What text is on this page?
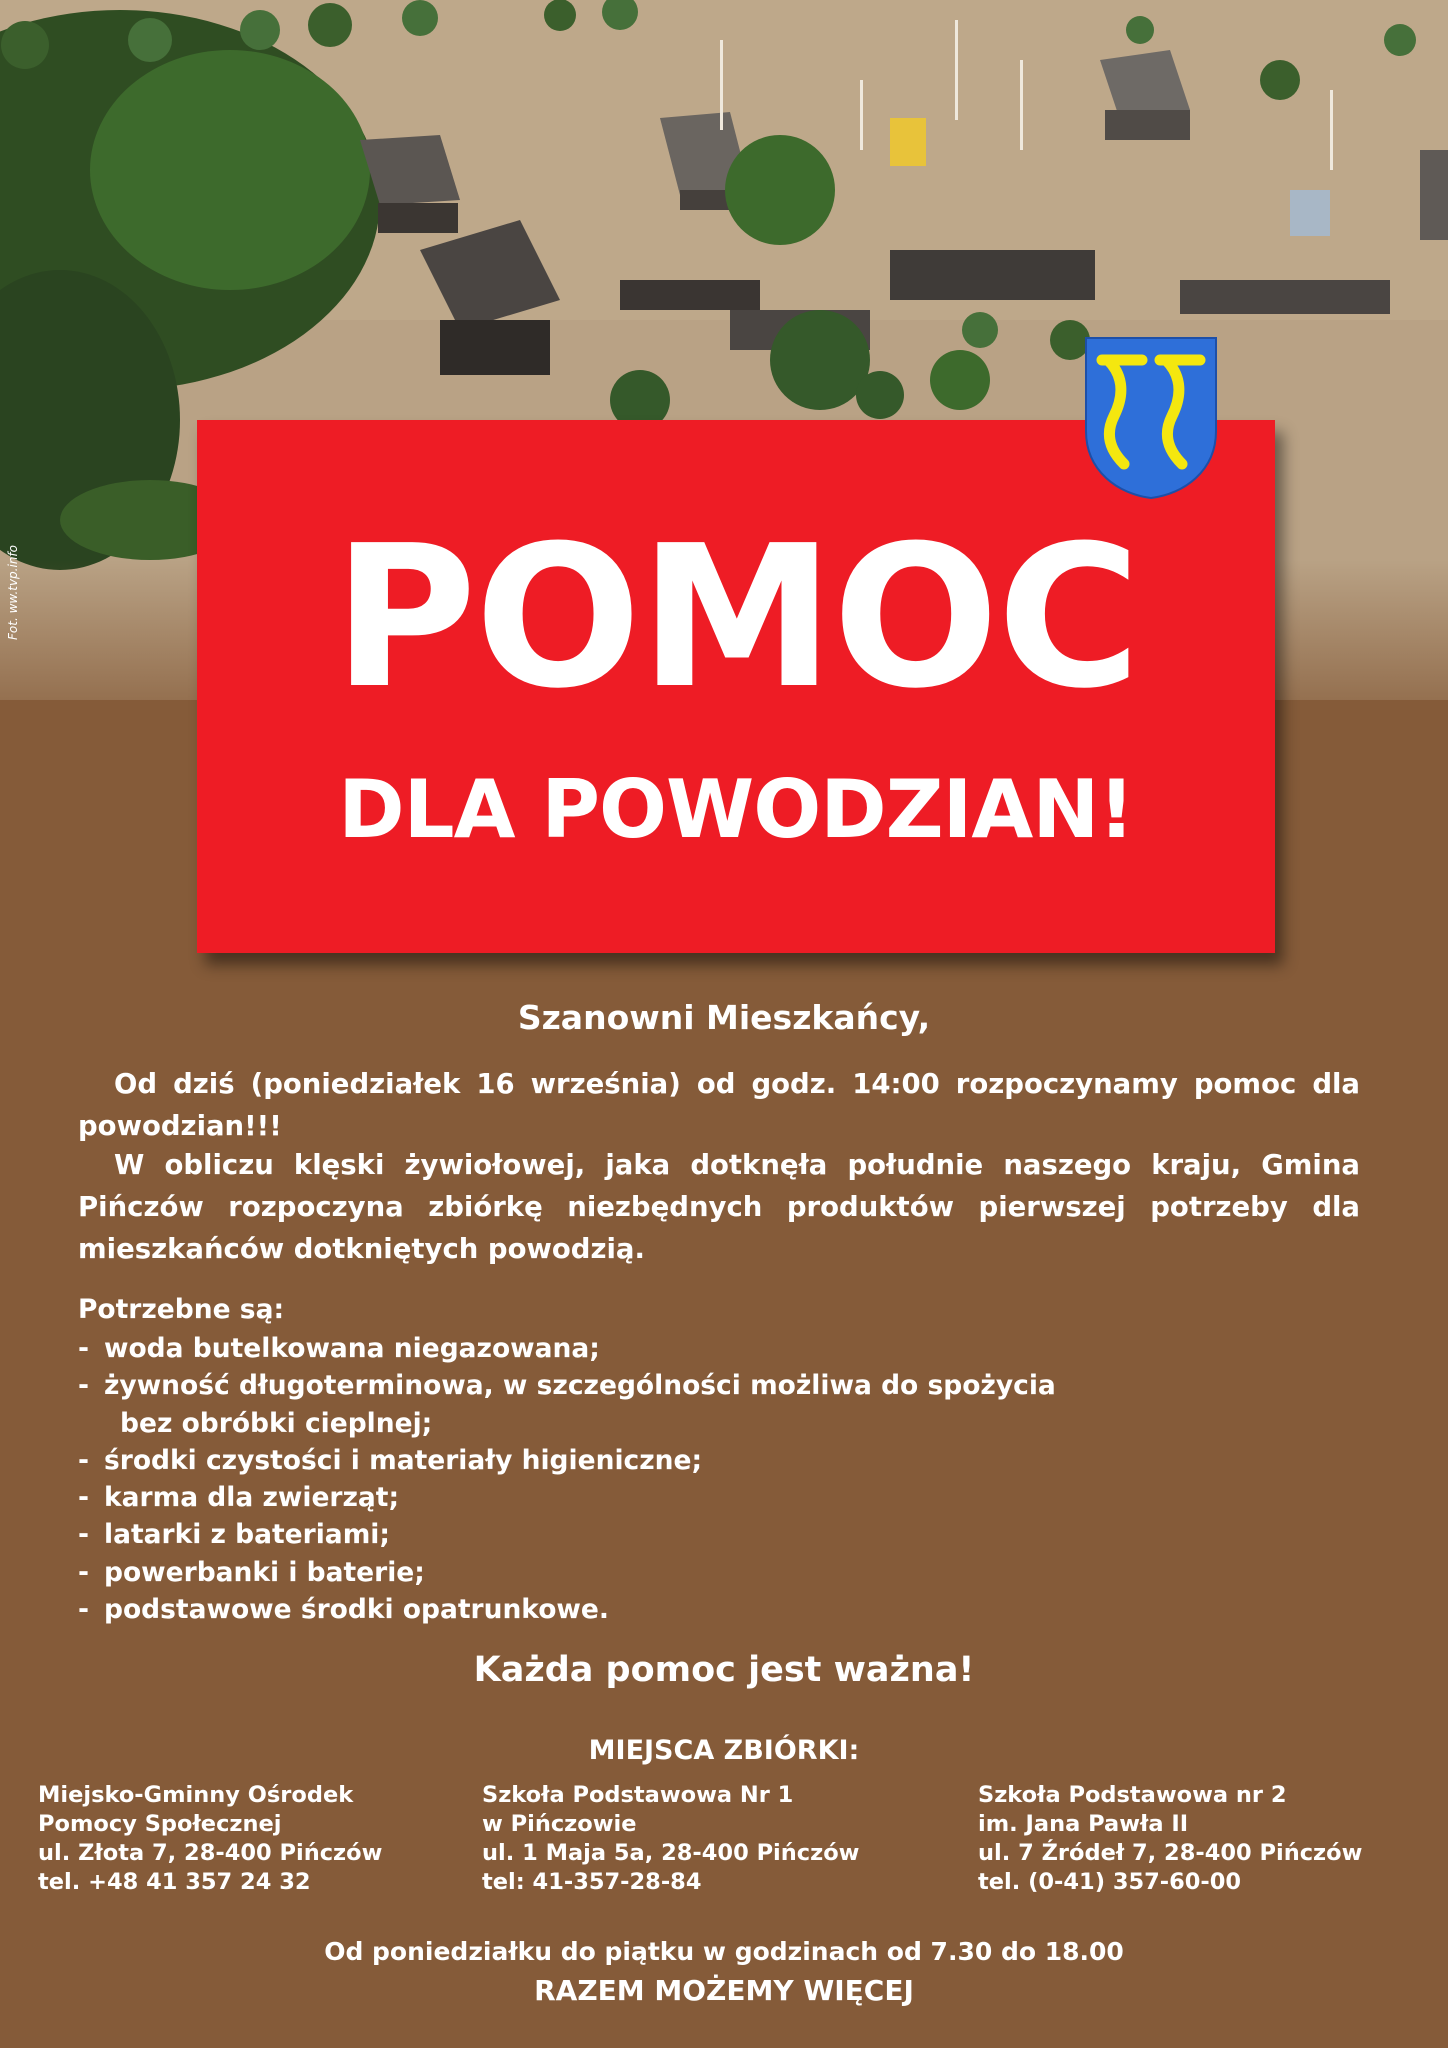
Fot. ww.tvp.info	POMOC
DLA POWODZIAN!
Szanowni Mieszkańcy,
Od dziś (poniedziałek 16 września) od godz. 14:00 rozpoczynamy pomoc dla powodzian!!!
W obliczu klęski żywiołowej, jaka dotknęła południe naszego kraju, Gmina Pińczów rozpoczyna zbiórkę niezbędnych produktów pierwszej potrzeby dla mieszkańców dotkniętych powodzią.
Potrzebne są:
- woda butelkowana niegazowana;
- żywność długoterminowa, w szczególności możliwa do spożycia
bez obróbki cieplnej;
- środki czystości i materiały higieniczne;
- karma dla zwierząt;
- latarki z bateriami;
- powerbanki i baterie;
- podstawowe środki opatrunkowe.
Każda pomoc jest ważna!
MIEJSCA ZBIÓRKI:
Miejsko-Gminny Ośrodek
Pomocy Społecznej
ul. Złota 7, 28-400 Pińczów
tel. +48 41 357 24 32
Szkoła Podstawowa Nr 1
w Pińczowie
ul. 1 Maja 5a, 28-400 Pińczów
tel: 41-357-28-84
Szkoła Podstawowa nr 2
im. Jana Pawła II
ul. 7 Źródeł 7, 28-400 Pińczów
tel. (0-41) 357-60-00
Od poniedziałku do piątku w godzinach od 7.30 do 18.00
RAZEM MOŻEMY WIĘCEJ
